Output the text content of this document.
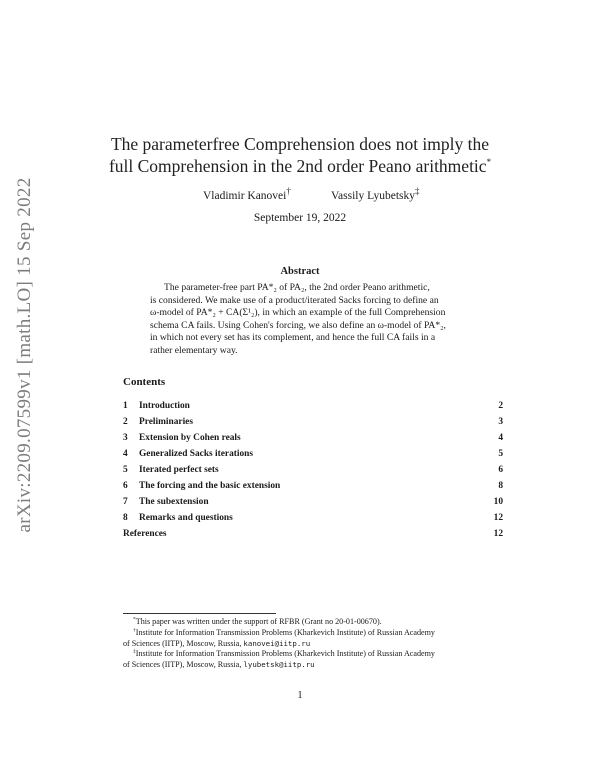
arXiv:2209.07599v1 [math.LO] 15 Sep 2022
The parameterfree Comprehension does not imply the
full Comprehension in the 2nd order Peano arithmetic*
Vladimir Kanovei†	Vassily Lyubetsky‡
September 19, 2022
Abstract
The parameter-free part PA*₂ of PA₂, the 2nd order Peano arithmetic,
is considered. We make use of a product/iterated Sacks forcing to define an
ω-model of PA*₂ + CA(Σ¹₂), in which an example of the full Comprehension
schema CA fails. Using Cohen's forcing, we also define an ω-model of PA*₂,
in which not every set has its complement, and hence the full CA fails in a
rather elementary way.
Contents
1 Introduction	2
2 Preliminaries	3
3 Extension by Cohen reals	4
4 Generalized Sacks iterations	5
5 Iterated perfect sets	6
6 The forcing and the basic extension	8
7 The subextension	10
8 Remarks and questions	12
References	12
*This paper was written under the support of RFBR (Grant no 20-01-00670).
†Institute for Information Transmission Problems (Kharkevich Institute) of Russian Academy
of Sciences (IITP), Moscow, Russia, kanovei@iitp.ru
‡Institute for Information Transmission Problems (Kharkevich Institute) of Russian Academy
of Sciences (IITP), Moscow, Russia, lyubetsk@iitp.ru
1
